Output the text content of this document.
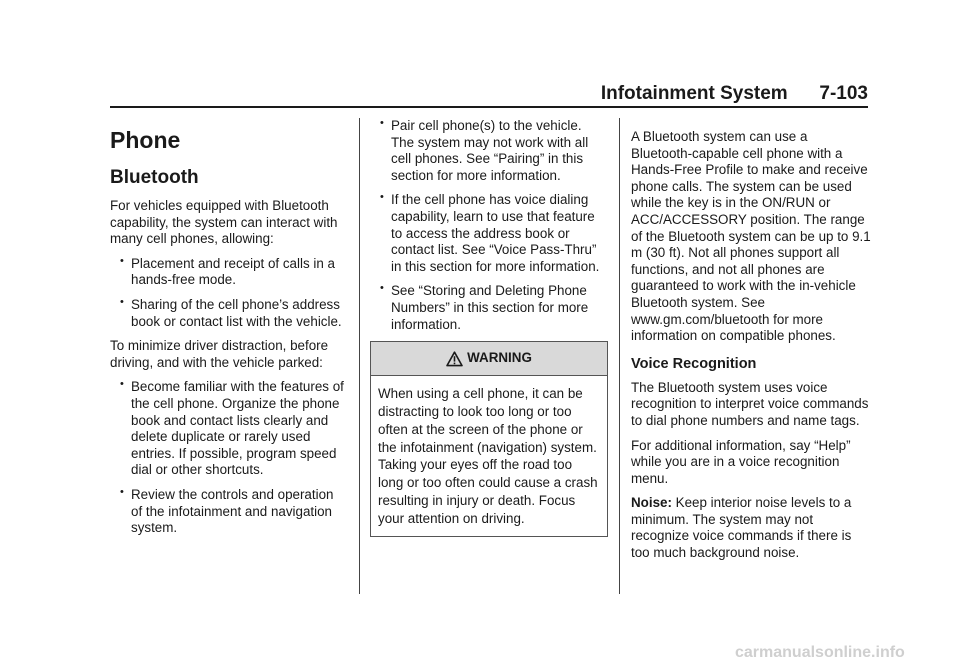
Infotainment System 7-103
Phone
Bluetooth

For vehicles equipped with Bluetooth capability, the system can interact with many cell phones, allowing:

• Placement and receipt of calls in a hands-free mode.
• Sharing of the cell phone’s address book or contact list with the vehicle.

To minimize driver distraction, before driving, and with the vehicle parked:

• Become familiar with the features of the cell phone. Organize the phone book and contact lists clearly and delete duplicate or rarely used entries. If possible, program speed dial or other shortcuts.
• Review the controls and operation of the infotainment and navigation system.
• Pair cell phone(s) to the vehicle. The system may not work with all cell phones. See “Pairing” in this section for more information.
• If the cell phone has voice dialing capability, learn to use that feature to access the address book or contact list. See “Voice Pass-Thru” in this section for more information.
• See “Storing and Deleting Phone Numbers” in this section for more information.
WARNING
When using a cell phone, it can be distracting to look too long or too often at the screen of the phone or the infotainment (navigation) system. Taking your eyes off the road too long or too often could cause a crash resulting in injury or death. Focus your attention on driving.

A Bluetooth system can use a Bluetooth-capable cell phone with a Hands-Free Profile to make and receive phone calls. The system can be used while the key is in the ON/RUN or ACC/ACCESSORY position. The range of the Bluetooth system can be up to 9.1 m (30 ft). Not all phones support all functions, and not all phones are guaranteed to work with the in-vehicle Bluetooth system. See www.gm.com/bluetooth for more information on compatible phones.

Voice Recognition

The Bluetooth system uses voice recognition to interpret voice commands to dial phone numbers and name tags.

For additional information, say “Help” while you are in a voice recognition menu.

Noise: Keep interior noise levels to a minimum. The system may not recognize voice commands if there is too much background noise.

carmanualsonline.info
